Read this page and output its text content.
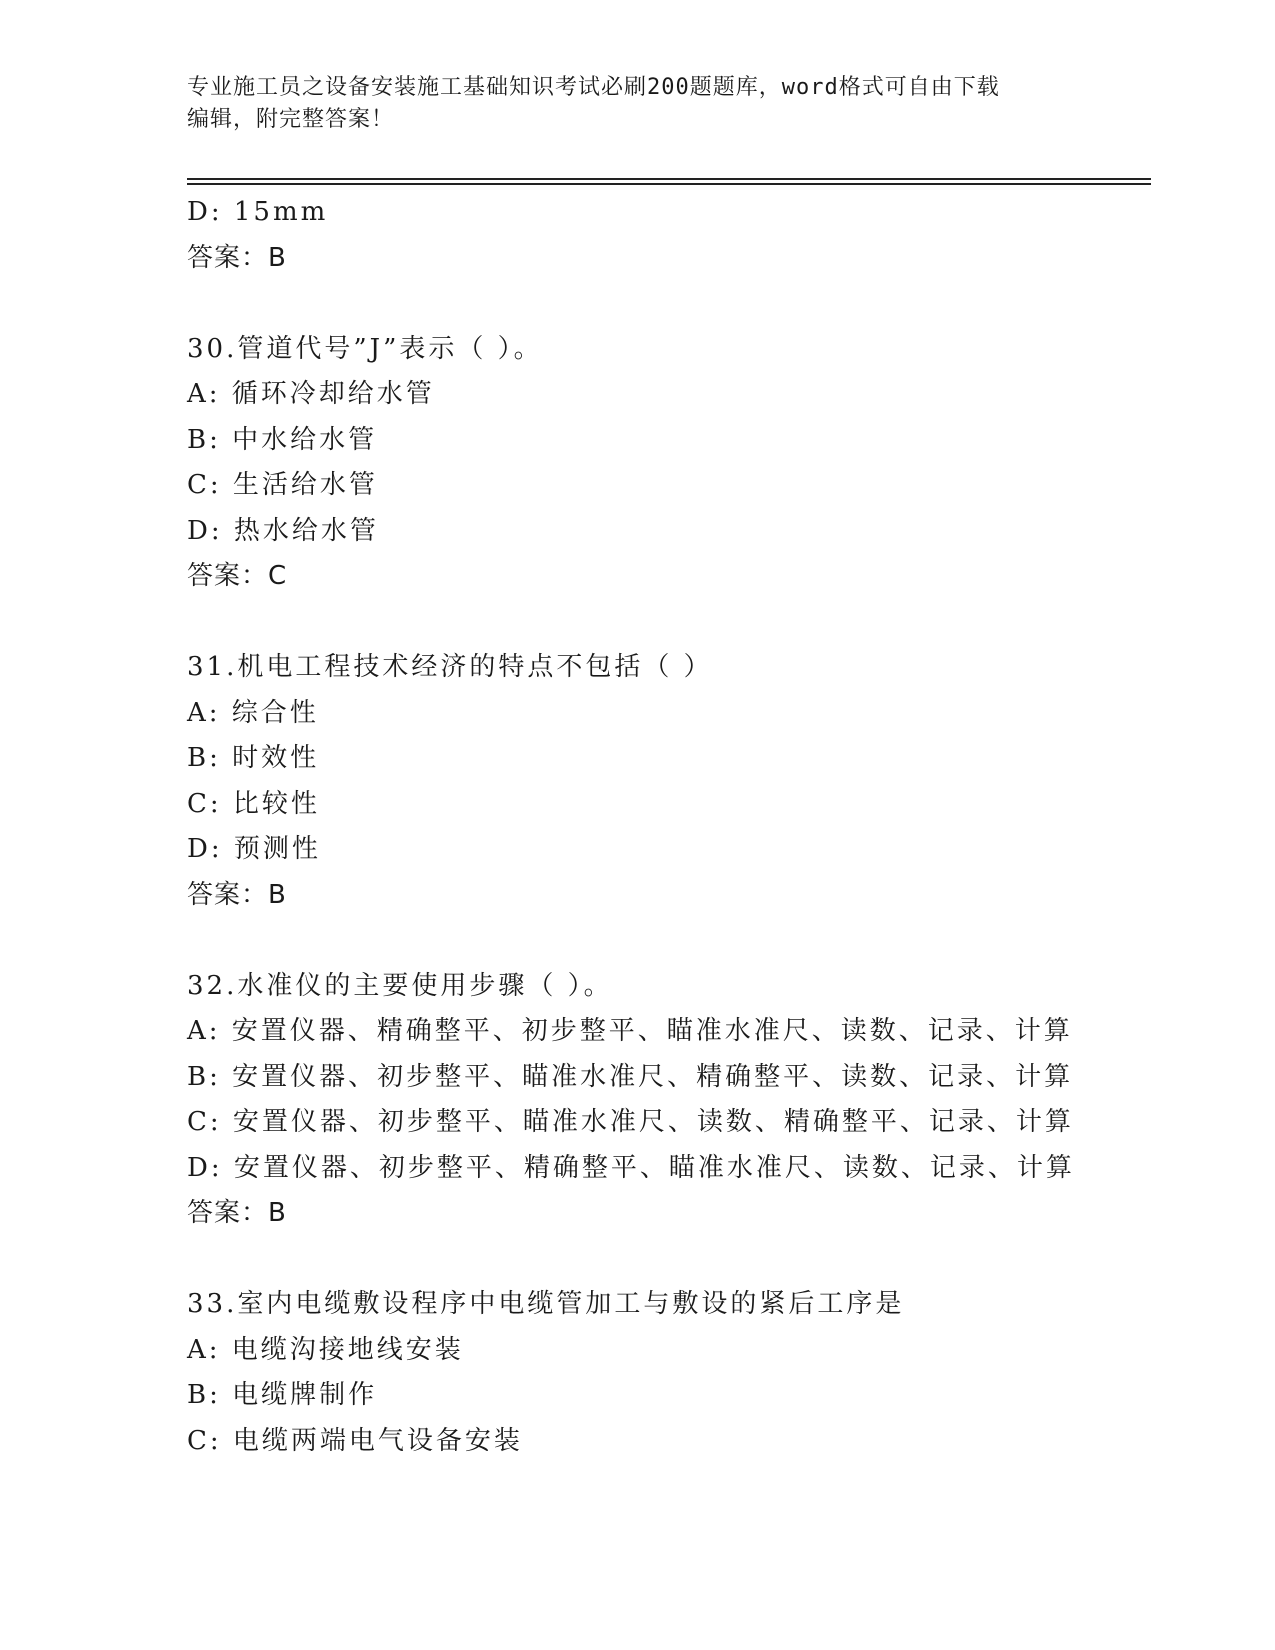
专业施工员之设备安装施工基础知识考试必刷200题题库，word格式可自由下载
编辑，附完整答案！
D: 15mm
答案：B
30.管道代号”J”表示（ ）。
A: 循环冷却给水管
B: 中水给水管
C: 生活给水管
D: 热水给水管
答案：C
31.机电工程技术经济的特点不包括（ ）
A: 综合性
B: 时效性
C: 比较性
D: 预测性
答案：B
32.水准仪的主要使用步骤（ ）。
A: 安置仪器、精确整平、初步整平、瞄准水准尺、读数、记录、计算
B: 安置仪器、初步整平、瞄准水准尺、精确整平、读数、记录、计算
C: 安置仪器、初步整平、瞄准水准尺、读数、精确整平、记录、计算
D: 安置仪器、初步整平、精确整平、瞄准水准尺、读数、记录、计算
答案：B
33.室内电缆敷设程序中电缆管加工与敷设的紧后工序是
A: 电缆沟接地线安装
B: 电缆牌制作
C: 电缆两端电气设备安装
